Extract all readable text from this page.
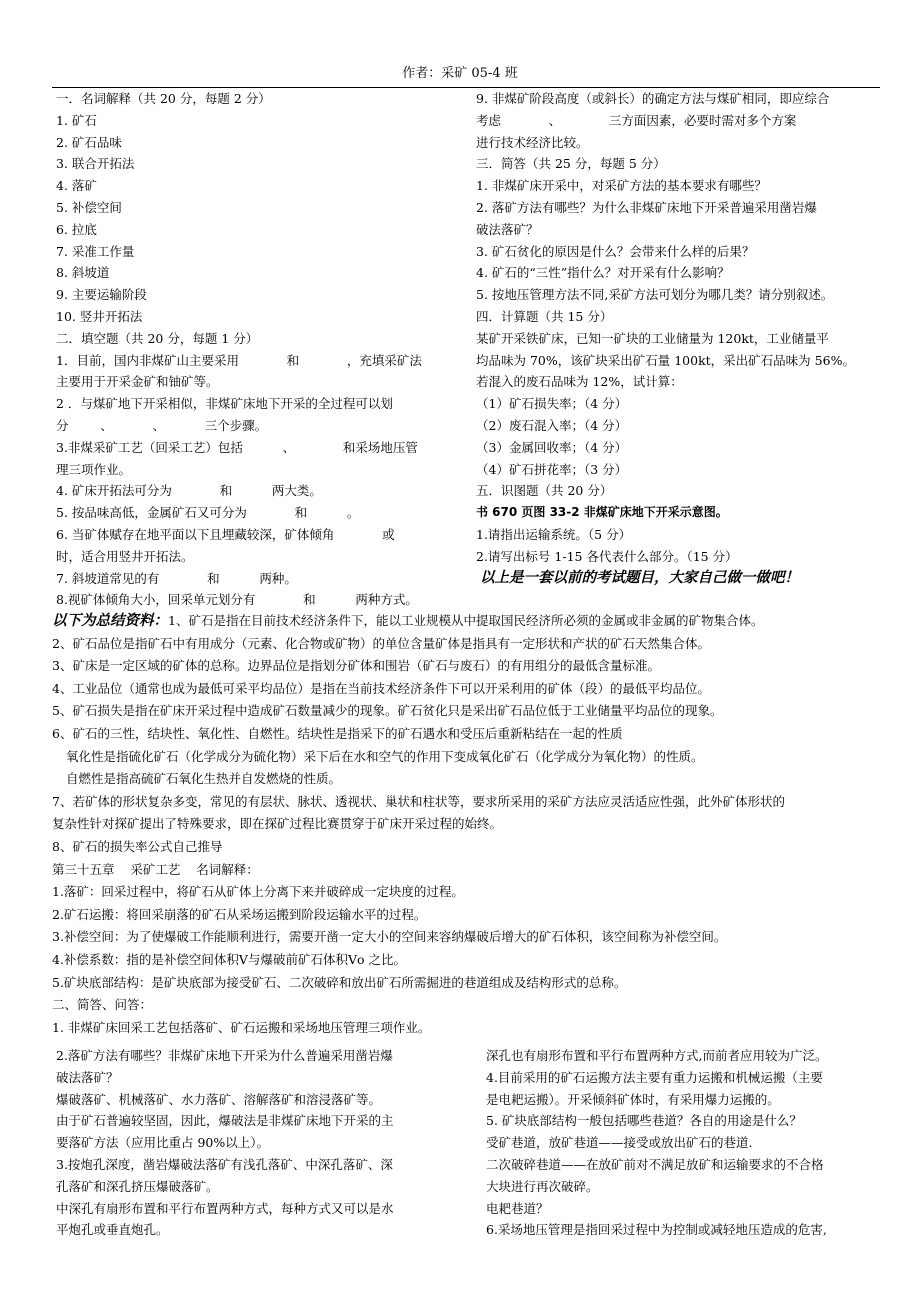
作者：采矿 05-4 班
一．名词解释（共 20 分，每题 2 分）
1. 矿石
2. 矿石品味
3. 联合开拓法
4. 落矿
5. 补偿空间
6. 拉底
7. 采准工作量
8. 斜坡道
9. 主要运输阶段
10. 竖井开拓法
二．填空题（共 20 分，每题 1 分）
1．目前，国内非煤矿山主要采用            和            ，充填采矿法
主要用于开采金矿和铀矿等。
2 ．与煤矿地下开采相似，非煤矿床地下开采的全过程可以划
分        、          、          三个步骤。
3.非煤采矿工艺（回采工艺）包括          、            和采场地压管
理三项作业。
4. 矿床开拓法可分为            和          两大类。
5. 按品味高低，金属矿石又可分为            和          。
6. 当矿体赋存在地平面以下且埋藏较深，矿体倾角            或
时，适合用竖井开拓法。
7. 斜坡道常见的有            和          两种。
8.视矿体倾角大小，回采单元划分有            和          两种方式。
9. 非煤矿阶段高度（或斜长）的确定方法与煤矿相同，即应综合
考虑            、            三方面因素，必要时需对多个方案
进行技术经济比较。
三．简答（共 25 分，每题 5 分）
1. 非煤矿床开采中，对采矿方法的基本要求有哪些？
2. 落矿方法有哪些？为什么非煤矿床地下开采普遍采用凿岩爆
破法落矿？
3. 矿石贫化的原因是什么？会带来什么样的后果？
4. 矿石的“三性”指什么？对开采有什么影响？
5. 按地压管理方法不同,采矿方法可划分为哪几类？请分别叙述。
四．计算题（共 15 分）
某矿开采铁矿床，已知一矿块的工业储量为 120kt，工业储量平
均品味为 70%，该矿块采出矿石量 100kt，采出矿石品味为 56%。
若混入的废石品味为 12%，试计算：
（1）矿石损失率；（4 分）
（2）废石混入率；（4 分）
（3）金属回收率；（4 分）
（4）矿石拼花率；（3 分）
五．识图题（共 20 分）
书 670 页图 33-2 非煤矿床地下开采示意图。
1.请指出运输系统。（5 分）
2.请写出标号 1-15 各代表什么部分。（15 分）
以上是一套以前的考试题目，大家自己做一做吧！
以下为总结资料：1、矿石是指在目前技术经济条件下，能以工业规模从中提取国民经济所必须的金属或非金属的矿物集合体。
2、矿石品位是指矿石中有用成分（元素、化合物或矿物）的单位含量矿体是指具有一定形状和产状的矿石天然集合体。
3、矿床是一定区域的矿体的总称。边界品位是指划分矿体和围岩（矿石与废石）的有用组分的最低含量标准。
4、工业品位（通常也成为最低可采平均品位）是指在当前技术经济条件下可以开采利用的矿体（段）的最低平均品位。
5、矿石损失是指在矿床开采过程中造成矿石数量减少的现象。矿石贫化只是采出矿石品位低于工业储量平均品位的现象。
6、矿石的三性，结块性、氧化性、自燃性。结块性是指采下的矿石遇水和受压后重新粘结在一起的性质
氧化性是指硫化矿石（化学成分为硫化物）采下后在水和空气的作用下变成氧化矿石（化学成分为氧化物）的性质。
自燃性是指高硫矿石氧化生热并自发燃烧的性质。
7、若矿体的形状复杂多变，常见的有层状、脉状、透视状、巢状和柱状等，要求所采用的采矿方法应灵活适应性强，此外矿体形状的
复杂性针对探矿提出了特殊要求，即在探矿过程比赛贯穿于矿床开采过程的始终。
8、矿石的损失率公式自己推导
第三十五章    采矿工艺    名词解释：
1.落矿：回采过程中，将矿石从矿体上分离下来并破碎成一定块度的过程。
2.矿石运搬：将回采崩落的矿石从采场运搬到阶段运输水平的过程。
3.补偿空间：为了使爆破工作能顺利进行，需要开凿一定大小的空间来容纳爆破后增大的矿石体积，该空间称为补偿空间。
4.补偿系数：指的是补偿空间体积Ⅴ与爆破前矿石体积Ⅴo 之比。
5.矿块底部结构：是矿块底部为接受矿石、二次破碎和放出矿石所需掘进的巷道组成及结构形式的总称。
二、简答、问答：
1. 非煤矿床回采工艺包括落矿、矿石运搬和采场地压管理三项作业。
2.落矿方法有哪些？非煤矿床地下开采为什么普遍采用凿岩爆
破法落矿？
爆破落矿、机械落矿、水力落矿、溶解落矿和溶浸落矿等。
由于矿石普遍较坚固，因此，爆破法是非煤矿床地下开采的主
要落矿方法（应用比重占 90%以上）。
3.按炮孔深度，凿岩爆破法落矿有浅孔落矿、中深孔落矿、深
孔落矿和深孔挤压爆破落矿。
中深孔有扇形布置和平行布置两种方式，每种方式又可以是水
平炮孔或垂直炮孔。
深孔也有扇形布置和平行布置两种方式,而前者应用较为广泛。
4.目前采用的矿石运搬方法主要有重力运搬和机械运搬（主要
是电耙运搬）。开采倾斜矿体时，有采用爆力运搬的。
5. 矿块底部结构一般包括哪些巷道？各自的用途是什么？
受矿巷道，放矿巷道——接受或放出矿石的巷道.
二次破碎巷道——在放矿前对不满足放矿和运输要求的不合格
大块进行再次破碎。
电耙巷道？
6.采场地压管理是指回采过程中为控制或减轻地压造成的危害,
